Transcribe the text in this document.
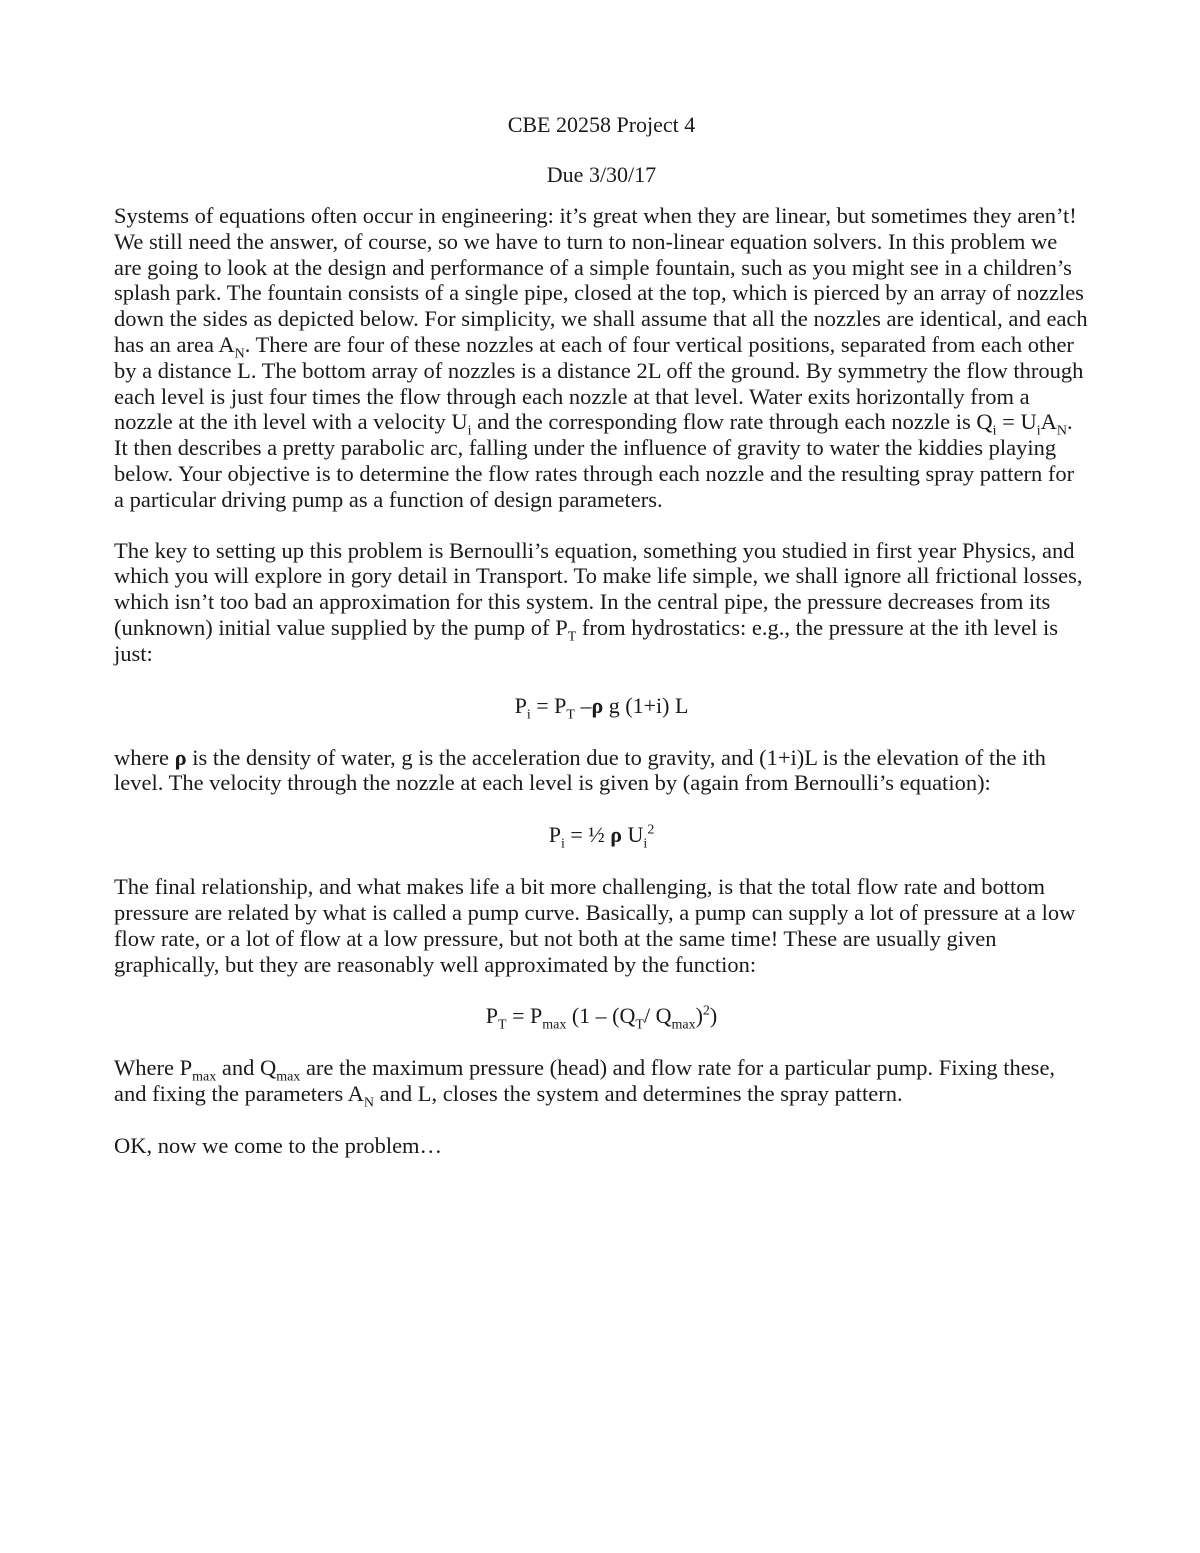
CBE 20258 Project 4

Due 3/30/17

Systems of equations often occur in engineering: it’s great when they are linear, but sometimes they aren’t! We still need the answer, of course, so we have to turn to non-linear equation solvers. In this problem we are going to look at the design and performance of a simple fountain, such as you might see in a children’s splash park. The fountain consists of a single pipe, closed at the top, which is pierced by an array of nozzles down the sides as depicted below. For simplicity, we shall assume that all the nozzles are identical, and each has an area $A_N$. There are four of these nozzles at each of four vertical positions, separated from each other by a distance L. The bottom array of nozzles is a distance 2L off the ground. By symmetry the flow through each level is just four times the flow through each nozzle at that level. Water exits horizontally from a nozzle at the ith level with a velocity $U_i$ and the corresponding flow rate through each nozzle is $Q_i = U_iA_N$. It then describes a pretty parabolic arc, falling under the influence of gravity to water the kiddies playing below. Your objective is to determine the flow rates through each nozzle and the resulting spray pattern for a particular driving pump as a function of design parameters.

The key to setting up this problem is Bernoulli’s equation, something you studied in first year Physics, and which you will explore in gory detail in Transport. To make life simple, we shall ignore all frictional losses, which isn’t too bad an approximation for this system. In the central pipe, the pressure decreases from its (unknown) initial value supplied by the pump of $P_T$ from hydrostatics: e.g., the pressure at the ith level is just:

$P_i = P_T$ –ρ g (1+i) L

where ρ is the density of water, g is the acceleration due to gravity, and (1+i)L is the elevation of the ith level. The velocity through the nozzle at each level is given by (again from Bernoulli’s equation):

$P_i$ = ½ ρ $U_i^2$

The final relationship, and what makes life a bit more challenging, is that the total flow rate and bottom pressure are related by what is called a pump curve. Basically, a pump can supply a lot of pressure at a low flow rate, or a lot of flow at a low pressure, but not both at the same time! These are usually given graphically, but they are reasonably well approximated by the function:

$P_T = P_{max}$ ($1 - (Q_T/$ $Q_{max})^2$)

Where $P_{max}$ and $Q_{max}$ are the maximum pressure (head) and flow rate for a particular pump. Fixing these, and fixing the parameters $A_N$ and L, closes the system and determines the spray pattern.

OK, now we come to the problem…
